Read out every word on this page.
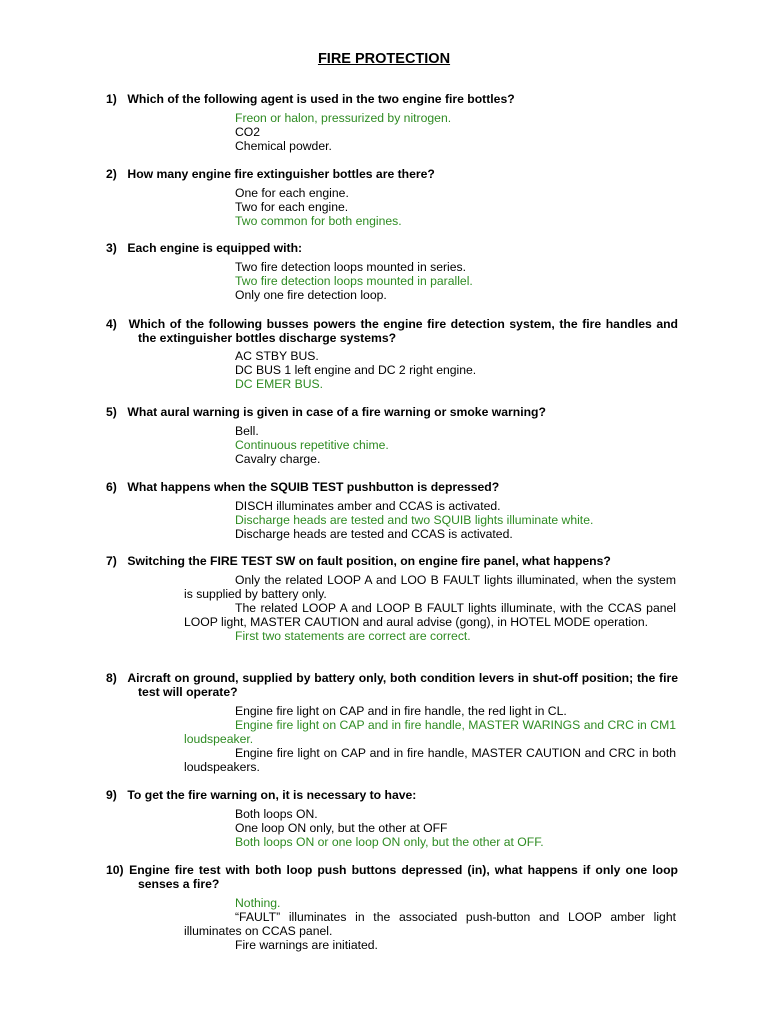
FIRE PROTECTION
1) Which of the following agent is used in the two engine fire bottles?

Freon or halon, pressurized by nitrogen.

CO2

Chemical powder.

2) How many engine fire extinguisher bottles are there?

One for each engine.

Two for each engine.

Two common for both engines.

3) Each engine is equipped with:

Two fire detection loops mounted in series.

Two fire detection loops mounted in parallel.

Only one fire detection loop.

4) Which of the following busses powers the engine fire detection system, the fire handles and the extinguisher bottles discharge systems?

AC STBY BUS.

DC BUS 1 left engine and DC 2 right engine.

DC EMER BUS.

5) What aural warning is given in case of a fire warning or smoke warning?

Bell.

Continuous repetitive chime.

Cavalry charge.

6) What happens when the SQUIB TEST pushbutton is depressed?

DISCH illuminates amber and CCAS is activated.

Discharge heads are tested and two SQUIB lights illuminate white.

Discharge heads are tested and CCAS is activated.

7) Switching the FIRE TEST SW on fault position, on engine fire panel, what happens?

Only the related LOOP A and LOO B FAULT lights illuminated, when the system is supplied by battery only.

The related LOOP A and LOOP B FAULT lights illuminate, with the CCAS panel LOOP light, MASTER CAUTION and aural advise (gong), in HOTEL MODE operation.

First two statements are correct are correct.

8) Aircraft on ground, supplied by battery only, both condition levers in shut-off position; the fire test will operate?

Engine fire light on CAP and in fire handle, the red light in CL.

Engine fire light on CAP and in fire handle, MASTER WARINGS and CRC in CM1 loudspeaker.

Engine fire light on CAP and in fire handle, MASTER CAUTION and CRC in both loudspeakers.

9) To get the fire warning on, it is necessary to have:

Both loops ON.

One loop ON only, but the other at OFF

Both loops ON or one loop ON only, but the other at OFF.

10) Engine fire test with both loop push buttons depressed (in), what happens if only one loop senses a fire?

Nothing.

“FAULT” illuminates in the associated push-button and LOOP amber light illuminates on CCAS panel.

Fire warnings are initiated.
